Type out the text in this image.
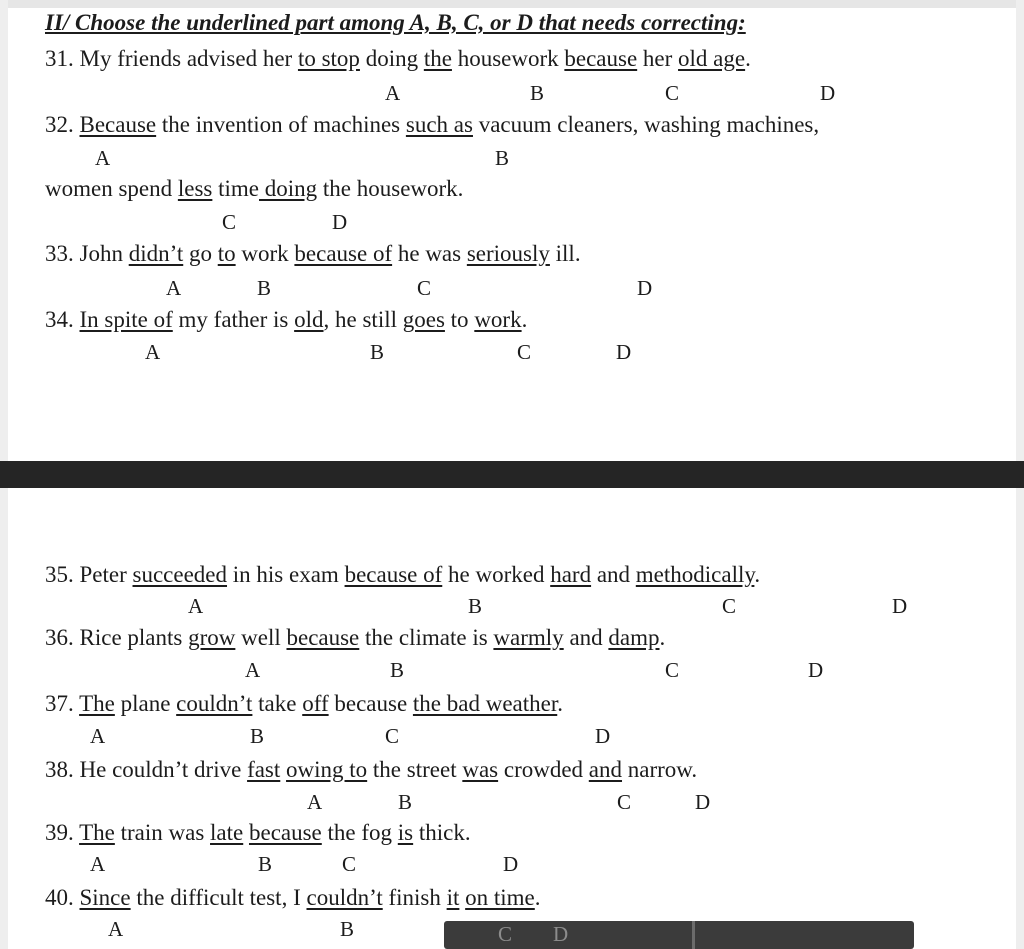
II/ Choose the underlined part among A, B, C, or D that needs correcting:
31. My friends advised her to stop doing the housework because her old age.
A	B	C	D
32. Because the invention of machines such as vacuum cleaners, washing machines,
A	B
women spend less time doing the housework.
C	D
33. John didn’t go to work because of he was seriously ill.
A	B	C	D
34. In spite of my father is old, he still goes to work.
A	B	C	D
35. Peter succeeded in his exam because of he worked hard and methodically.
A	B	C	D
36. Rice plants grow well because the climate is warmly and damp.
A	B	C	D
37. The plane couldn’t take off because the bad weather.
A	B	C	D
38. He couldn’t drive fast owing to the street was crowded and narrow.
A	B	C	D
39. The train was late because the fog is thick.
A	B	C	D
40. Since the difficult test, I couldn’t finish it on time.
A	B	C D
